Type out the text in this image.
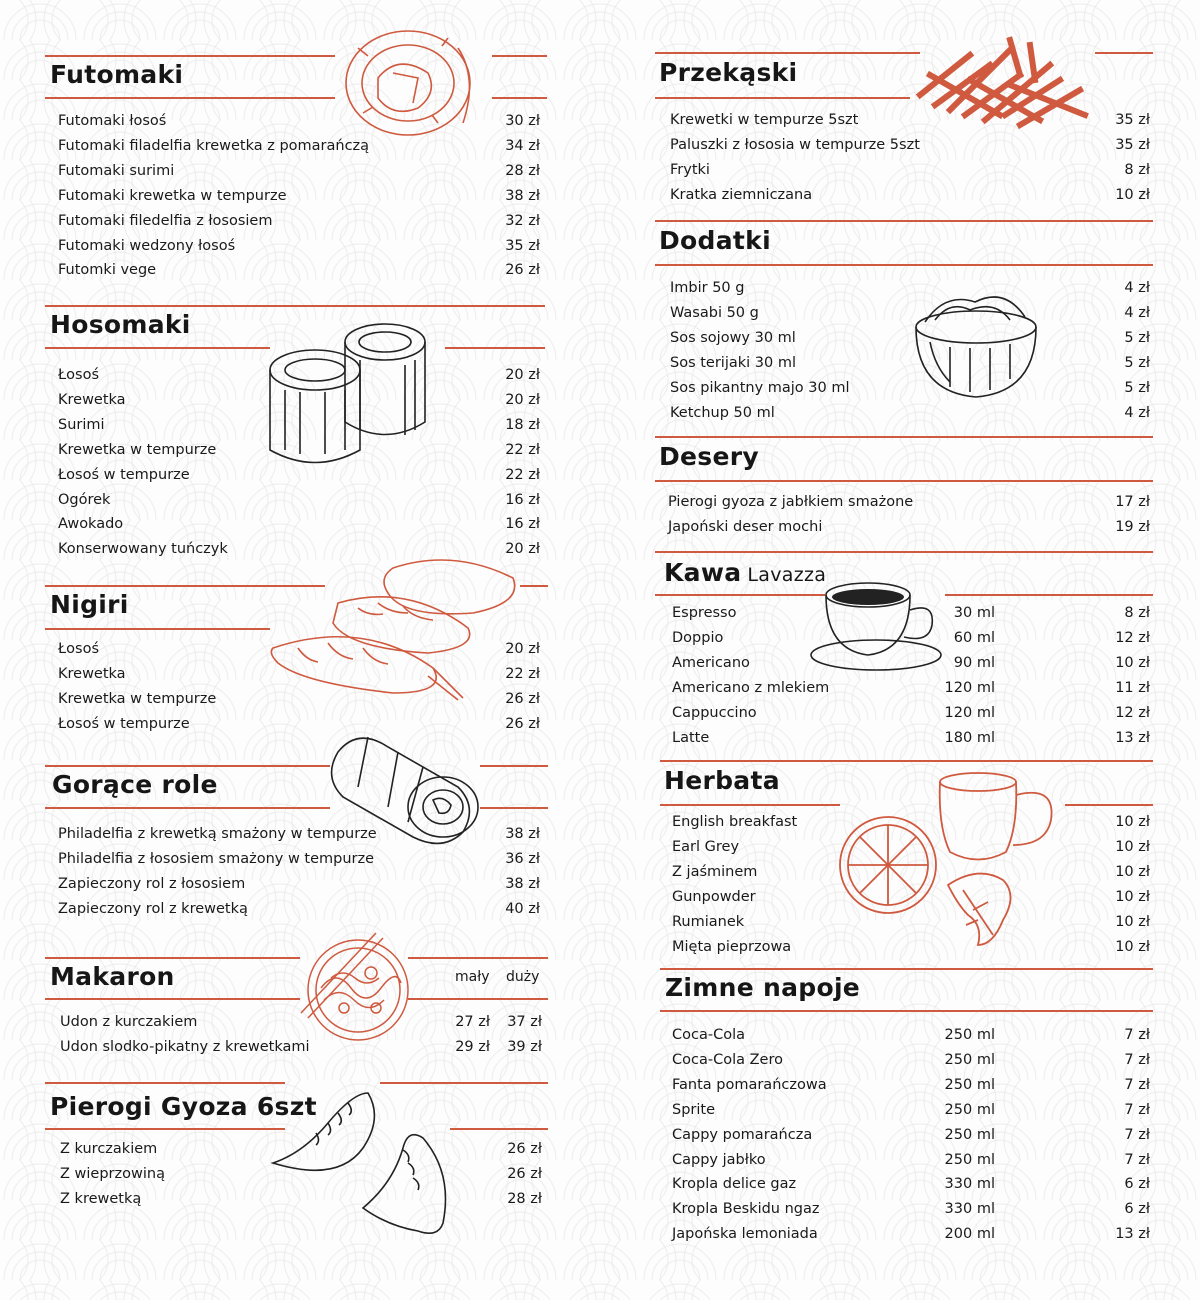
Futomaki
Futomaki łosoś	30 zł
Futomaki filadelfia krewetka z pomarańczą	34 zł
Futomaki surimi	28 zł
Futomaki krewetka w tempurze	38 zł
Futomaki filedelfia z łososiem	32 zł
Futomaki wedzony łosoś	35 zł
Futomki vege	26 zł
Hosomaki
Łosoś	20 zł
Krewetka	20 zł
Surimi	18 zł
Krewetka w tempurze	22 zł
Łosoś w tempurze	22 zł
Ogórek	16 zł
Awokado	16 zł
Konserwowany tuńczyk	20 zł
Nigiri
Łosoś	20 zł
Krewetka	22 zł
Krewetka w tempurze	26 zł
Łosoś w tempurze	26 zł
Gorące role
Philadelfia z krewetką smażony w tempurze	38 zł
Philadelfia z łososiem smażony w tempurze	36 zł
Zapieczony rol z łososiem	38 zł
Zapieczony rol z krewetką	40 zł
Makaron	mały duży
Udon z kurczakiem	27 zł 37 zł
Udon slodko-pikatny z krewetkami	29 zł 39 zł
Pierogi Gyoza 6szt
Z kurczakiem	26 zł
Z wieprzowiną	26 zł
Z krewetką	28 zł
Przekąski
Krewetki w tempurze 5szt	35 zł
Paluszki z łososia w tempurze 5szt	35 zł
Frytki	8 zł
Kratka ziemniczana	10 zł
Dodatki
Imbir 50 g	4 zł
Wasabi 50 g	4 zł
Sos sojowy 30 ml	5 zł
Sos terijaki 30 ml	5 zł
Sos pikantny majo 30 ml	5 zł
Ketchup 50 ml	4 zł
Desery
Pierogi gyoza z jabłkiem smażone	17 zł
Japoński deser mochi	19 zł
Kawa Lavazza
Espresso	30 ml	8 zł
Doppio	60 ml	12 zł
Americano	90 ml	10 zł
Americano z mlekiem	120 ml	11 zł
Cappuccino	120 ml	12 zł
Latte	180 ml	13 zł
Herbata
English breakfast	10 zł
Earl Grey	10 zł
Z jaśminem	10 zł
Gunpowder	10 zł
Rumianek	10 zł
Mięta pieprzowa	10 zł
Zimne napoje
Coca-Cola	250 ml	7 zł
Coca-Cola Zero	250 ml	7 zł
Fanta pomarańczowa	250 ml	7 zł
Sprite	250 ml	7 zł
Cappy pomarańcza	250 ml	7 zł
Cappy jabłko	250 ml	7 zł
Kropla delice gaz	330 ml	6 zł
Kropla Beskidu ngaz	330 ml	6 zł
Japońska lemoniada	200 ml	13 zł
